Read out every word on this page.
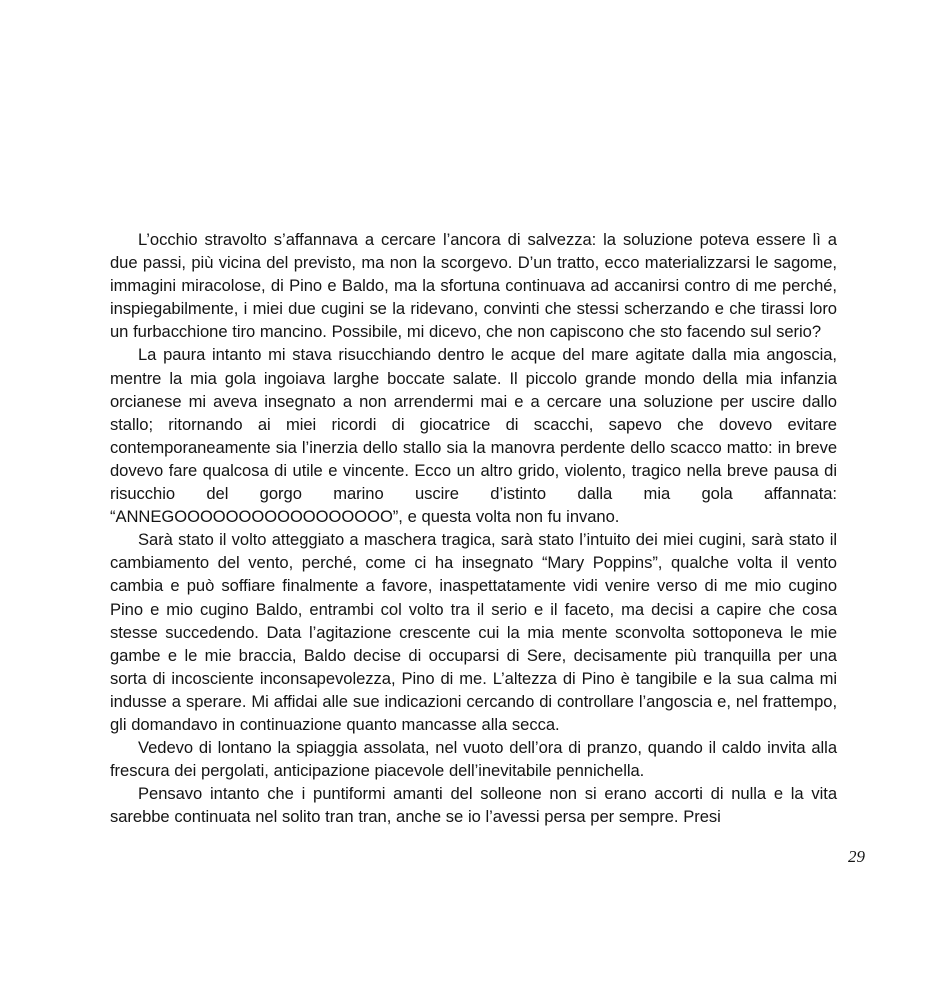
L’occhio stravolto s’affannava a cercare l’ancora di salvezza: la soluzione poteva essere lì a due passi, più vicina del previsto, ma non la scorgevo. D’un tratto, ecco materializzarsi le sagome, immagini miracolose, di Pino e Baldo, ma la sfortuna continuava ad accanirsi contro di me perché, inspiegabilmente, i miei due cugini se la ridevano, convinti che stessi scherzando e che tirassi loro un furbacchione tiro mancino. Possibile, mi dicevo, che non capiscono che sto facendo sul serio?

La paura intanto mi stava risucchiando dentro le acque del mare agitate dalla mia angoscia, mentre la mia gola ingoiava larghe boccate salate. Il piccolo grande mondo della mia infanzia orcianese mi aveva insegnato a non arrendermi mai e a cercare una soluzione per uscire dallo stallo; ritornando ai miei ricordi di giocatrice di scacchi, sapevo che dovevo evitare contemporaneamente sia l’inerzia dello stallo sia la manovra perdente dello scacco matto: in breve dovevo fare qualcosa di utile e vincente. Ecco un altro grido, violento, tragico nella breve pausa di risucchio del gorgo marino uscire d’istinto dalla mia gola affannata: “ANNEGOOOOOOOOOOOOOOOOO”, e questa volta non fu invano.

Sarà stato il volto atteggiato a maschera tragica, sarà stato l’intuito dei miei cugini, sarà stato il cambiamento del vento, perché, come ci ha insegnato “Mary Poppins”, qualche volta il vento cambia e può soffiare finalmente a favore, inaspettatamente vidi venire verso di me mio cugino Pino e mio cugino Baldo, entrambi col volto tra il serio e il faceto, ma decisi a capire che cosa stesse succedendo. Data l’agitazione crescente cui la mia mente sconvolta sottoponeva le mie gambe e le mie braccia, Baldo decise di occuparsi di Sere, decisamente più tranquilla per una sorta di incosciente inconsapevolezza, Pino di me. L’altezza di Pino è tangibile e la sua calma mi indusse a sperare. Mi affidai alle sue indicazioni cercando di controllare l’angoscia e, nel frattempo, gli domandavo in continuazione quanto mancasse alla secca.

Vedevo di lontano la spiaggia assolata, nel vuoto dell’ora di pranzo, quando il caldo invita alla frescura dei pergolati, anticipazione piacevole dell’inevitabile pennichella.

Pensavo intanto che i puntiformi amanti del solleone non si erano accorti di nulla e la vita sarebbe continuata nel solito tran tran, anche se io l’avessi persa per sempre. Presi

29
